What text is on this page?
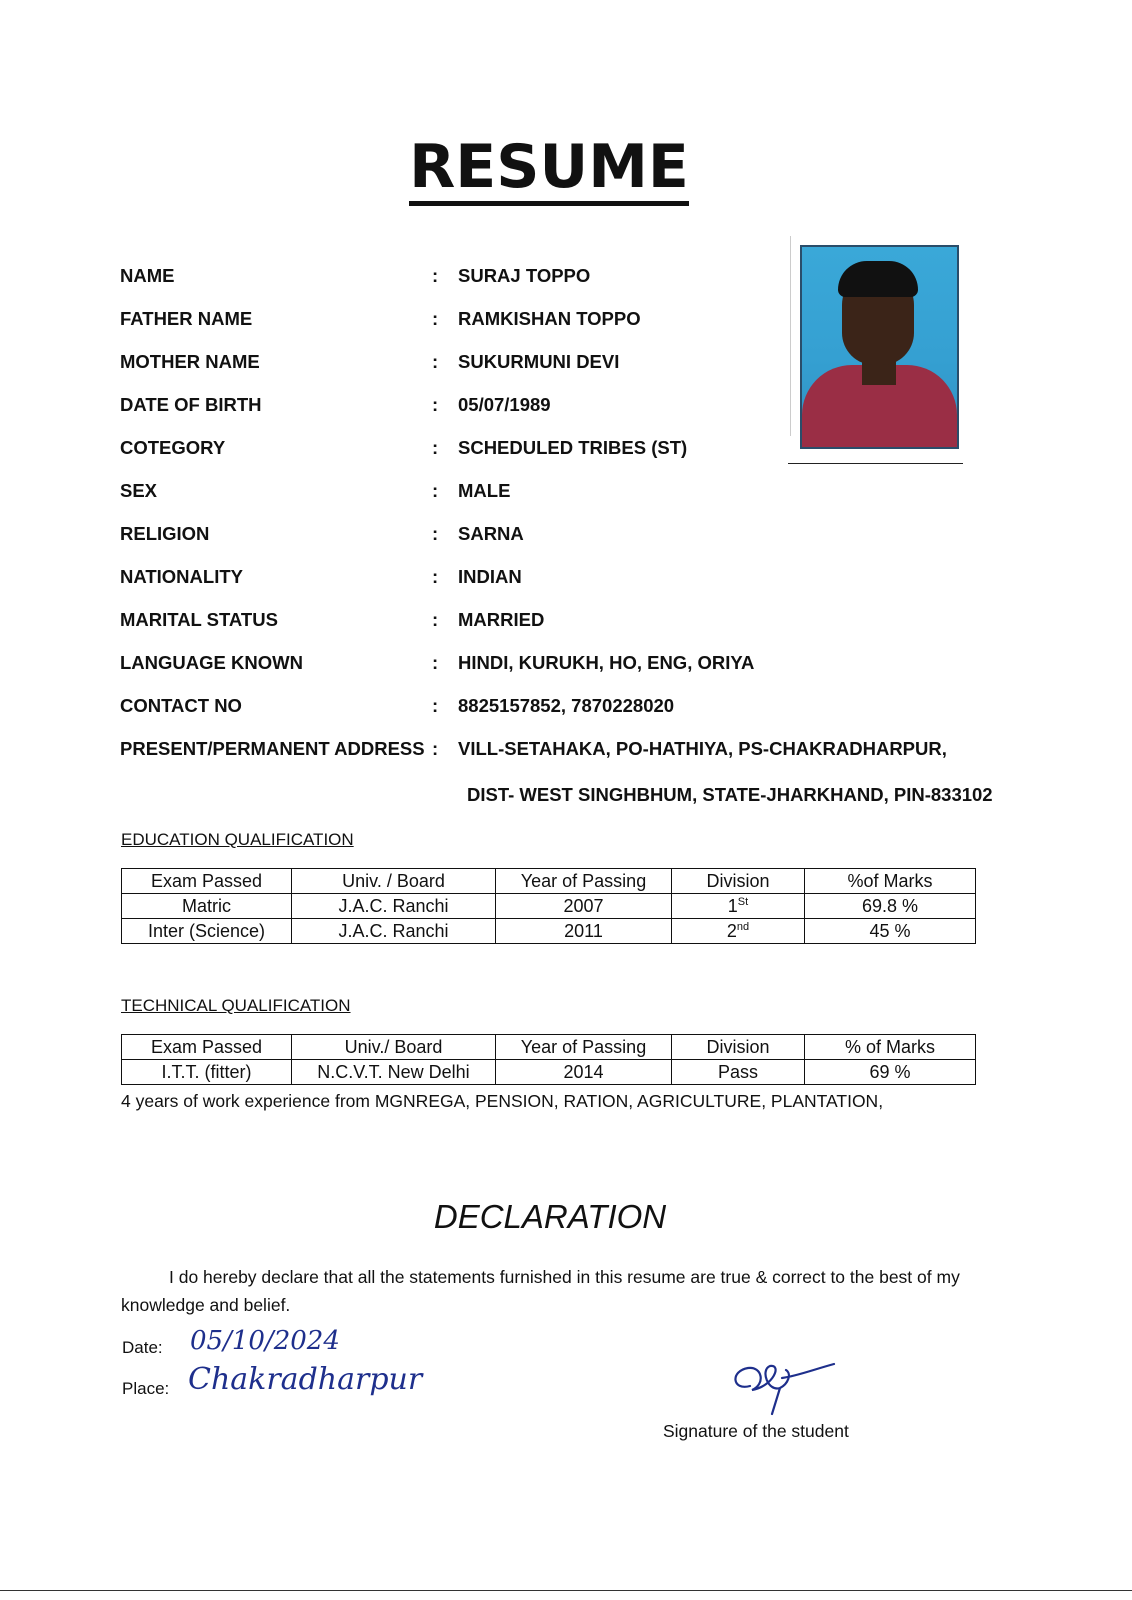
RESUME
NAME	: SURAJ TOPPO
FATHER NAME	: RAMKISHAN TOPPO
MOTHER NAME	: SUKURMUNI DEVI
DATE OF BIRTH	: 05/07/1989
COTEGORY	: SCHEDULED TRIBES (ST)
SEX	: MALE
RELIGION	: SARNA
NATIONALITY	: INDIAN
MARITAL STATUS	: MARRIED
LANGUAGE KNOWN	: HINDI, KURUKH, HO, ENG, ORIYA
CONTACT NO	: 8825157852, 7870228020
PRESENT/PERMANENT ADDRESS : VILL-SETAHAKA, PO-HATHIYA, PS-CHAKRADHARPUR,
DIST- WEST SINGHBHUM, STATE-JHARKHAND, PIN-833102
EDUCATION QUALIFICATION
Exam Passed	Univ. / Board	Year of Passing	Division	%of Marks
Matric	J.A.C. Ranchi	2007	1St	69.8 %
Inter (Science)	J.A.C. Ranchi	2011	2nd	45 %
TECHNICAL QUALIFICATION
Exam Passed	Univ./ Board	Year of Passing	Division	% of Marks
I.T.T. (fitter)	N.C.V.T. New Delhi	2014	Pass	69 %
4 years of work experience from MGNREGA, PENSION, RATION, AGRICULTURE, PLANTATION,
DECLARATION
I do hereby declare that all the statements furnished in this resume are true & correct to the best of my knowledge and belief.
Date: 05/10/2024
Place: Chakradharpur
Signature of the student
